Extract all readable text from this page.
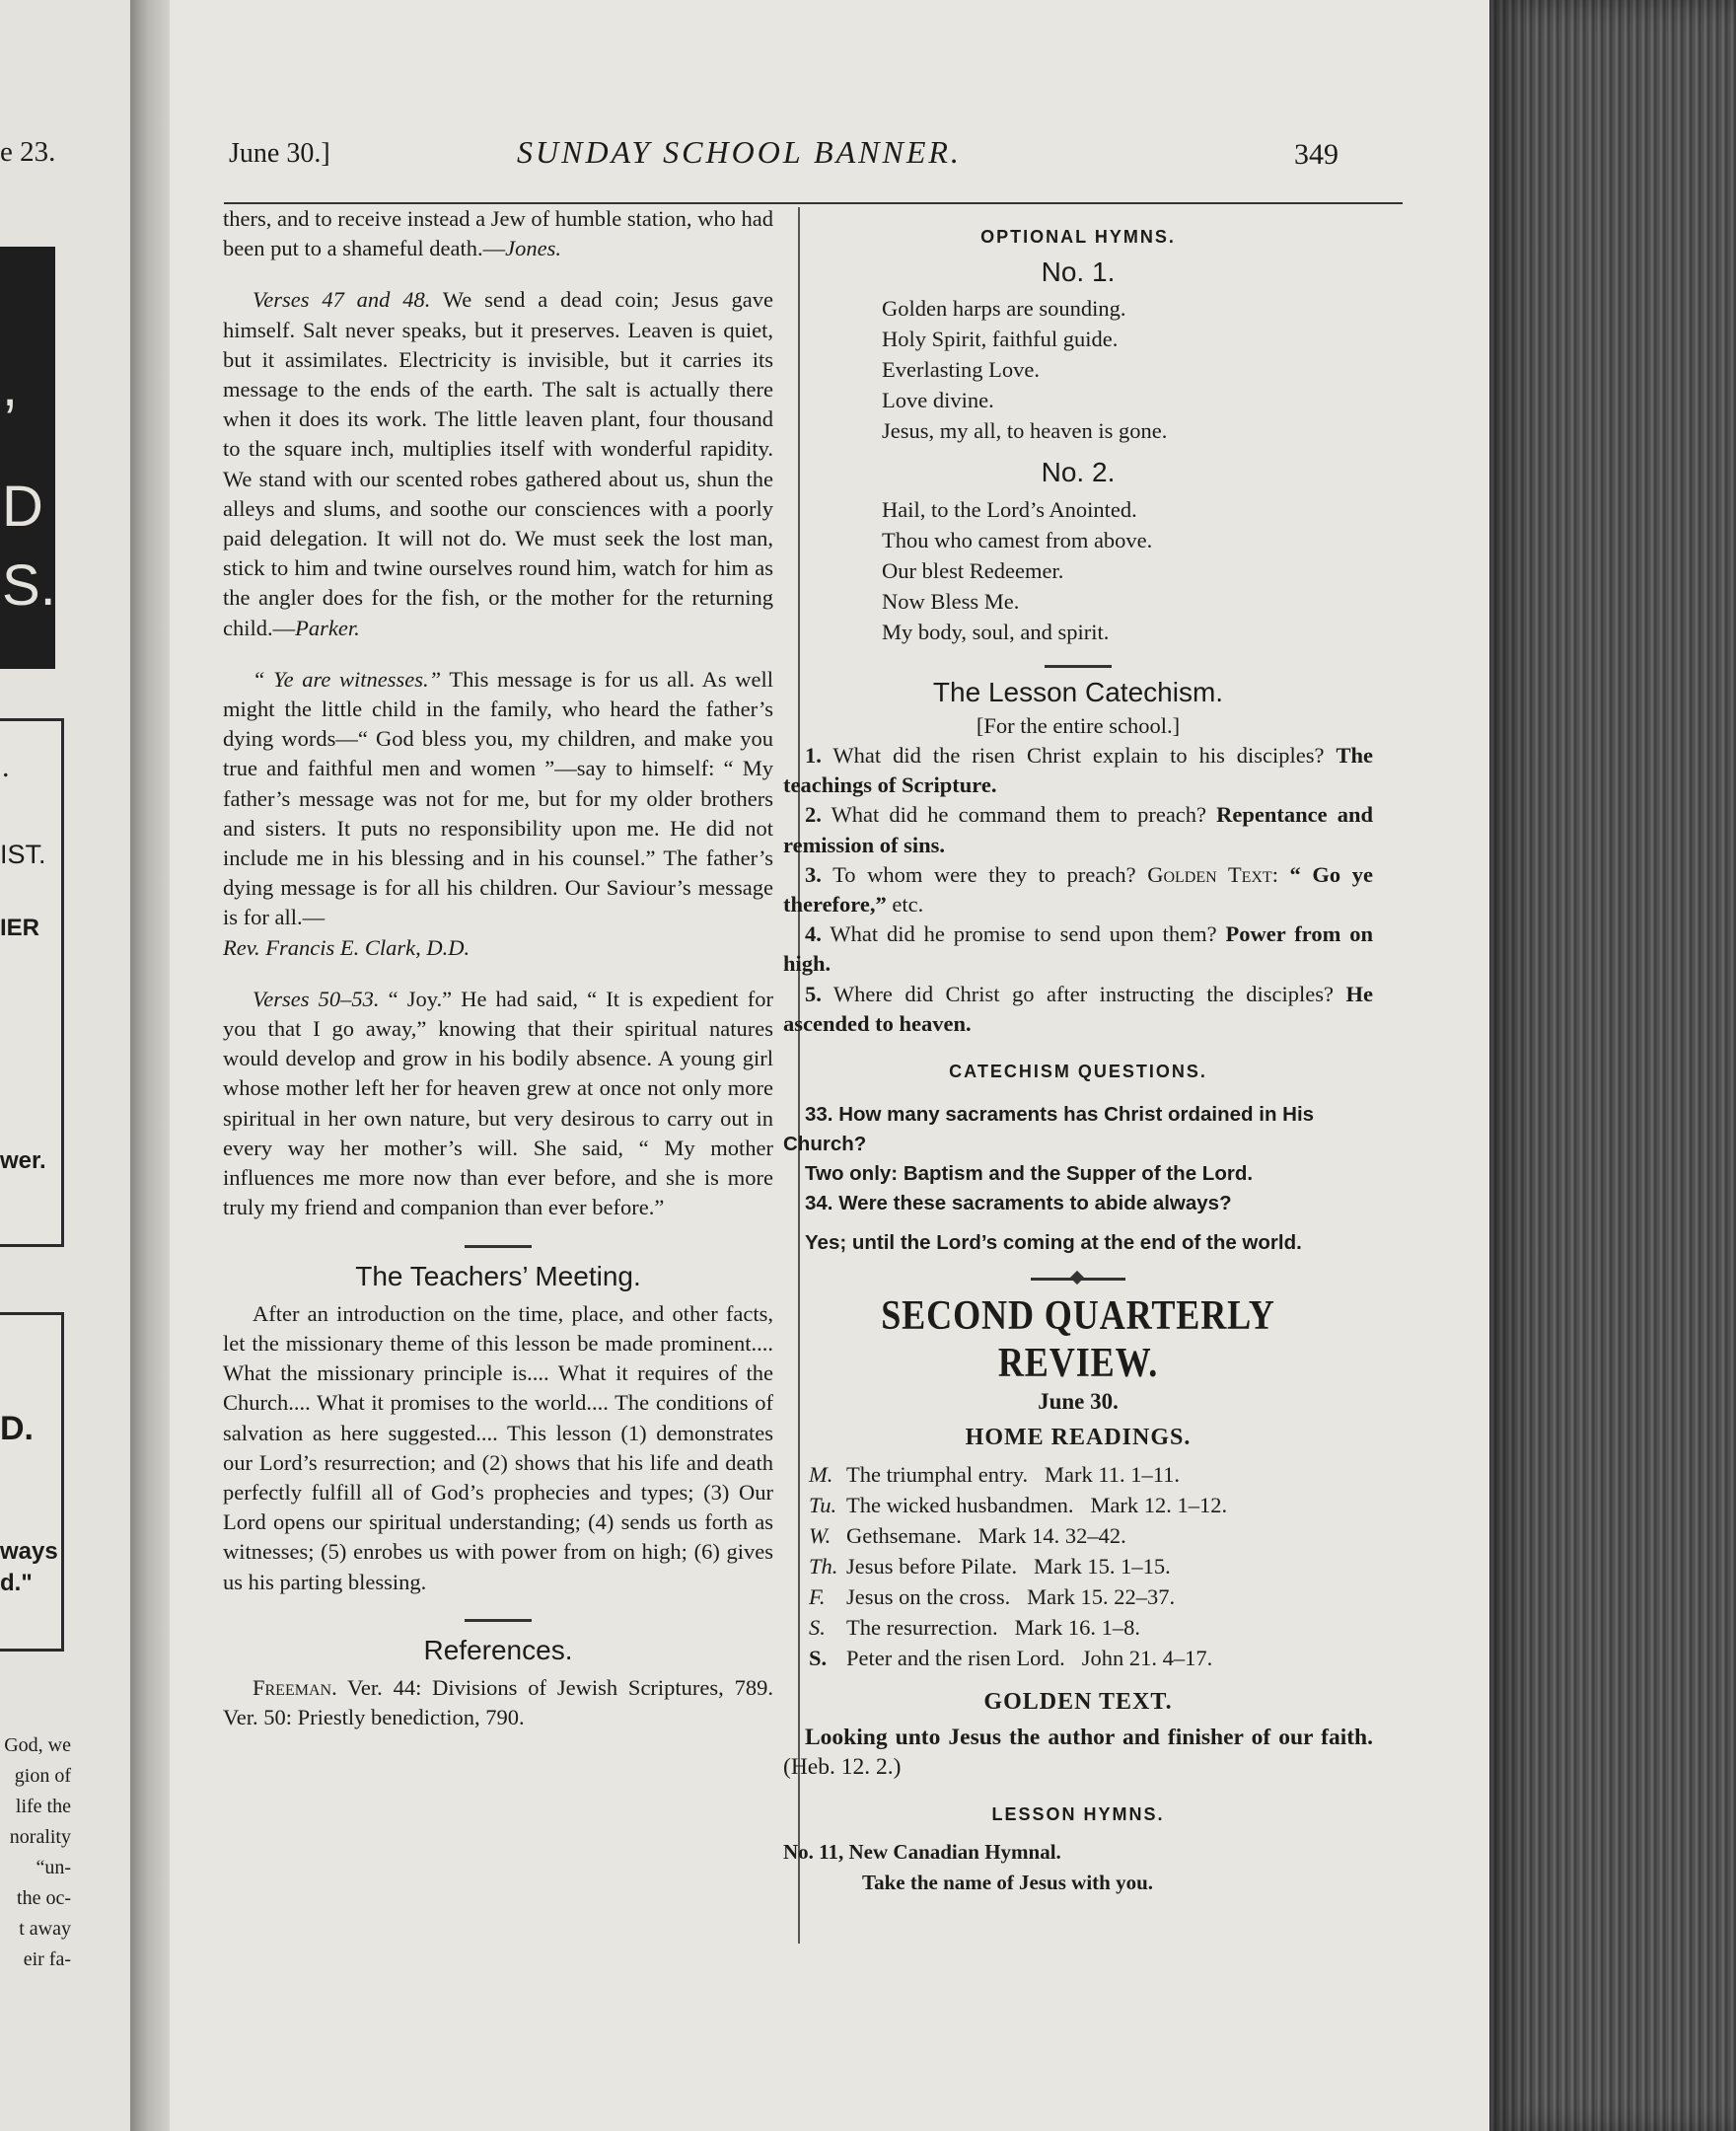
e 23.
,
D
S.
.
IST.
IER
wer.
D.
ways
d."
God, we
gion of
life the
norality
“un-
the oc-
t away
eir fa-
June 30.]	SUNDAY SCHOOL BANNER.	349

thers, and to receive instead a Jew of humble station, who had been put to a shameful death.—Jones.

Verses 47 and 48. We send a dead coin; Jesus gave himself. Salt never speaks, but it preserves. Leaven is quiet, but it assimilates. Electricity is invisible, but it carries its message to the ends of the earth. The salt is actually there when it does its work. The little leaven plant, four thousand to the square inch, multiplies itself with wonderful rapidity. We stand with our scented robes gathered about us, shun the alleys and slums, and soothe our consciences with a poorly paid delegation. It will not do. We must seek the lost man, stick to him and twine ourselves round him, watch for him as the angler does for the fish, or the mother for the returning child.—Parker.

“ Ye are witnesses.” This message is for us all. As well might the little child in the family, who heard the father’s dying words—“ God bless you, my children, and make you true and faithful men and women ”—say to himself: “ My father’s message was not for me, but for my older brothers and sisters. It puts no responsibility upon me. He did not include me in his blessing and in his counsel.” The father’s dying message is for all his children. Our Saviour’s message is for all.—
Rev. Francis E. Clark, D.D.

Verses 50–53. “ Joy.” He had said, “ It is expedient for you that I go away,” knowing that their spiritual natures would develop and grow in his bodily absence. A young girl whose mother left her for heaven grew at once not only more spiritual in her own nature, but very desirous to carry out in every way her mother’s will. She said, “ My mother influences me more now than ever before, and she is more truly my friend and companion than ever before.”

The Teachers’ Meeting.

After an introduction on the time, place, and other facts, let the missionary theme of this lesson be made prominent.... What the missionary principle is.... What it requires of the Church.... What it promises to the world.... The conditions of salvation as here suggested.... This lesson (1) demonstrates our Lord’s resurrection; and (2) shows that his life and death perfectly fulfill all of God’s prophecies and types; (3) Our Lord opens our spiritual understanding; (4) sends us forth as witnesses; (5) enrobes us with power from on high; (6) gives us his parting blessing.

References.

Freeman. Ver. 44: Divisions of Jewish Scriptures, 789. Ver. 50: Priestly benediction, 790.

OPTIONAL HYMNS.
No. 1.
Golden harps are sounding.
Holy Spirit, faithful guide.
Everlasting Love.
Love divine.
Jesus, my all, to heaven is gone.
No. 2.
Hail, to the Lord’s Anointed.
Thou who camest from above.
Our blest Redeemer.
Now Bless Me.
My body, soul, and spirit.
The Lesson Catechism.
[For the entire school.]

1. What did the risen Christ explain to his disciples? The teachings of Scripture.

2. What did he command them to preach? Repentance and remission of sins.

3. To whom were they to preach? Golden Text: “ Go ye therefore,” etc.

4. What did he promise to send upon them? Power from on high.

5. Where did Christ go after instructing the disciples? He ascended to heaven.

CATECHISM QUESTIONS.

33. How many sacraments has Christ ordained in His Church?

Two only: Baptism and the Supper of the Lord.

34. Were these sacraments to abide always?

Yes; until the Lord’s coming at the end of the world.

SECOND QUARTERLY REVIEW.
June 30.
HOME READINGS.
M. The triumphal entry. Mark 11. 1–11.
Tu. The wicked husbandmen. Mark 12. 1–12.
W. Gethsemane. Mark 14. 32–42.
Th. Jesus before Pilate. Mark 15. 1–15.
F. Jesus on the cross. Mark 15. 22–37.
S. The resurrection. Mark 16. 1–8.
S. Peter and the risen Lord. John 21. 4–17.
GOLDEN TEXT.

Looking unto Jesus the author and finisher of our faith. (Heb. 12. 2.)

LESSON HYMNS.
No. 11, New Canadian Hymnal.
Take the name of Jesus with you.
